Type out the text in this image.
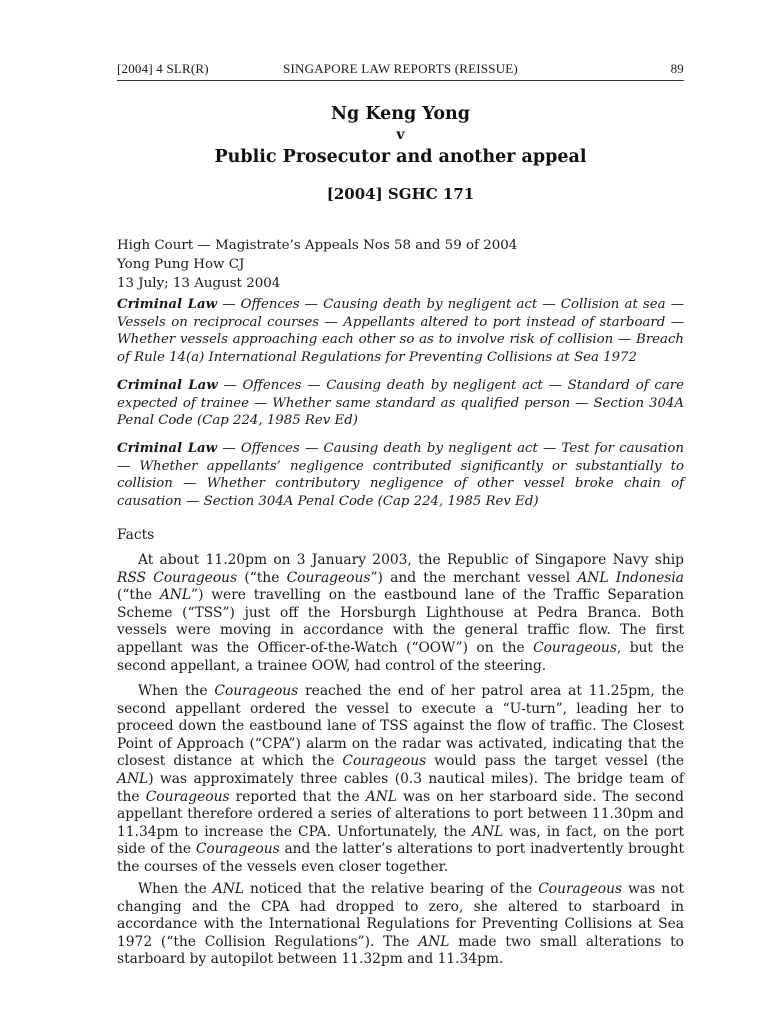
[2004] 4 SLR(R)	SINGAPORE LAW REPORTS (REISSUE)	89
Ng Keng Yong
v
Public Prosecutor and another appeal
[2004] SGHC 171
High Court — Magistrate’s Appeals Nos 58 and 59 of 2004
Yong Pung How CJ
13 July; 13 August 2004
Criminal Law — Offences — Causing death by negligent act — Collision at sea — Vessels on reciprocal courses — Appellants altered to port instead of starboard — Whether vessels approaching each other so as to involve risk of collision — Breach of Rule 14(a) International Regulations for Preventing Collisions at Sea 1972
Criminal Law — Offences — Causing death by negligent act — Standard of care expected of trainee — Whether same standard as qualified person — Section 304A Penal Code (Cap 224, 1985 Rev Ed)
Criminal Law — Offences — Causing death by negligent act — Test for causation — Whether appellants’ negligence contributed significantly or substantially to collision — Whether contributory negligence of other vessel broke chain of causation — Section 304A Penal Code (Cap 224, 1985 Rev Ed)
Facts
At about 11.20pm on 3 January 2003, the Republic of Singapore Navy ship RSS Courageous (“the Courageous”) and the merchant vessel ANL Indonesia (“the ANL”) were travelling on the eastbound lane of the Traffic Separation Scheme (“TSS”) just off the Horsburgh Lighthouse at Pedra Branca. Both vessels were moving in accordance with the general traffic flow. The first appellant was the Officer-of-the-Watch (“OOW”) on the Courageous, but the second appellant, a trainee OOW, had control of the steering.
When the Courageous reached the end of her patrol area at 11.25pm, the second appellant ordered the vessel to execute a “U-turn”, leading her to proceed down the eastbound lane of TSS against the flow of traffic. The Closest Point of Approach (“CPA”) alarm on the radar was activated, indicating that the closest distance at which the Courageous would pass the target vessel (the ANL) was approximately three cables (0.3 nautical miles). The bridge team of the Courageous reported that the ANL was on her starboard side. The second appellant therefore ordered a series of alterations to port between 11.30pm and 11.34pm to increase the CPA. Unfortunately, the ANL was, in fact, on the port side of the Courageous and the latter’s alterations to port inadvertently brought the courses of the vessels even closer together.
When the ANL noticed that the relative bearing of the Courageous was not changing and the CPA had dropped to zero, she altered to starboard in accordance with the International Regulations for Preventing Collisions at Sea 1972 (“the Collision Regulations”). The ANL made two small alterations to starboard by autopilot between 11.32pm and 11.34pm.
